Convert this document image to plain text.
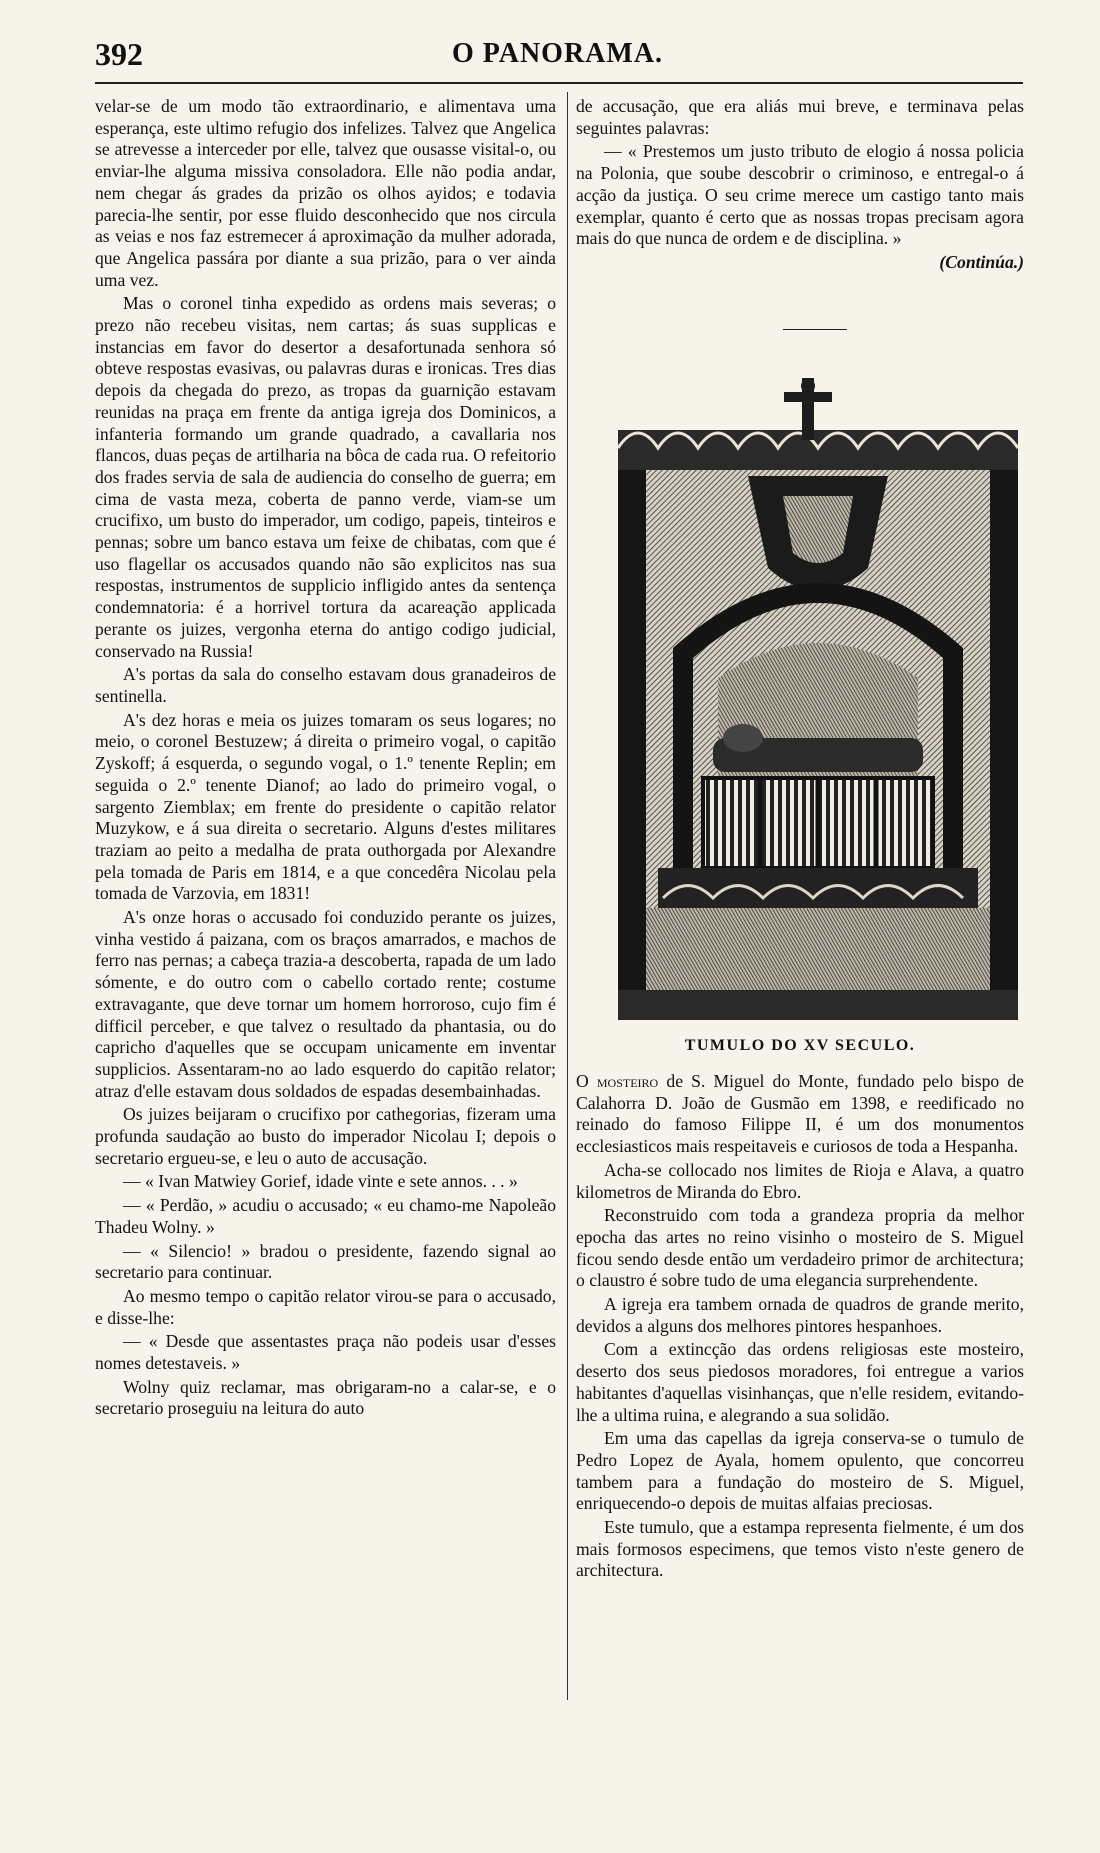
392	O PANORAMA.

velar-se de um modo tão extraordinario, e alimentava uma esperança, este ultimo refugio dos infelizes. Talvez que Angelica se atrevesse a interceder por elle, talvez que ousasse visital-o, ou enviar-lhe alguma missiva consoladora. Elle não podia andar, nem chegar ás grades da prizão os olhos ayidos; e todavia parecia-lhe sentir, por esse fluido desconhecido que nos circula as veias e nos faz estremecer á aproximação da mulher adorada, que Angelica passára por diante a sua prizão, para o ver ainda uma vez.

Mas o coronel tinha expedido as ordens mais severas; o prezo não recebeu visitas, nem cartas; ás suas supplicas e instancias em favor do desertor a desafortunada senhora só obteve respostas evasivas, ou palavras duras e ironicas. Tres dias depois da chegada do prezo, as tropas da guarnição estavam reunidas na praça em frente da antiga igreja dos Dominicos, a infanteria formando um grande quadrado, a cavallaria nos flancos, duas peças de artilharia na bôca de cada rua. O refeitorio dos frades servia de sala de audiencia do conselho de guerra; em cima de vasta meza, coberta de panno verde, viam-se um crucifixo, um busto do imperador, um codigo, papeis, tinteiros e pennas; sobre um banco estava um feixe de chibatas, com que é uso flagellar os accusados quando não são explicitos nas sua respostas, instrumentos de supplicio infligido antes da sentença condemnatoria: é a horrivel tortura da acareação applicada perante os juizes, vergonha eterna do antigo codigo judicial, conservado na Russia!

A's portas da sala do conselho estavam dous granadeiros de sentinella.

A's dez horas e meia os juizes tomaram os seus logares; no meio, o coronel Bestuzew; á direita o primeiro vogal, o capitão Zyskoff; á esquerda, o segundo vogal, o 1.º tenente Replin; em seguida o 2.º tenente Dianof; ao lado do primeiro vogal, o sargento Ziemblax; em frente do presidente o capitão relator Muzykow, e á sua direita o secretario. Alguns d'estes militares traziam ao peito a medalha de prata outhorgada por Alexandre pela tomada de Paris em 1814, e a que concedêra Nicolau pela tomada de Varzovia, em 1831!

A's onze horas o accusado foi conduzido perante os juizes, vinha vestido á paizana, com os braços amarrados, e machos de ferro nas pernas; a cabeça trazia-a descoberta, rapada de um lado sómente, e do outro com o cabello cortado rente; costume extravagante, que deve tornar um homem horroroso, cujo fim é difficil perceber, e que talvez o resultado da phantasia, ou do capricho d'aquelles que se occupam unicamente em inventar supplicios. Assentaram-no ao lado esquerdo do capitão relator; atraz d'elle estavam dous soldados de espadas desembainhadas.

Os juizes beijaram o crucifixo por cathegorias, fizeram uma profunda saudação ao busto do imperador Nicolau I; depois o secretario ergueu-se, e leu o auto de accusação.

— « Ivan Matwiey Gorief, idade vinte e sete annos. . . »

— « Perdão, » acudiu o accusado; « eu chamo-me Napoleão Thadeu Wolny. »

— « Silencio! » bradou o presidente, fazendo signal ao secretario para continuar.

Ao mesmo tempo o capitão relator virou-se para o accusado, e disse-lhe:

— « Desde que assentastes praça não podeis usar d'esses nomes detestaveis. »

Wolny quiz reclamar, mas obrigaram-no a calar-se, e o secretario proseguiu na leitura do auto

de accusação, que era aliás mui breve, e terminava pelas seguintes palavras:

— « Prestemos um justo tributo de elogio á nossa policia na Polonia, que soube descobrir o criminoso, e entregal-o á acção da justiça. O seu crime merece um castigo tanto mais exemplar, quanto é certo que as nossas tropas precisam agora mais do que nunca de ordem e de disciplina. »

(Continúa.)

TUMULO DO XV SECULO.

O mosteiro de S. Miguel do Monte, fundado pelo bispo de Calahorra D. João de Gusmão em 1398, e reedificado no reinado do famoso Filippe II, é um dos monumentos ecclesiasticos mais respeitaveis e curiosos de toda a Hespanha.

Acha-se collocado nos limites de Rioja e Alava, a quatro kilometros de Miranda do Ebro.

Reconstruido com toda a grandeza propria da melhor epocha das artes no reino visinho o mosteiro de S. Miguel ficou sendo desde então um verdadeiro primor de architectura; o claustro é sobre tudo de uma elegancia surprehendente.

A igreja era tambem ornada de quadros de grande merito, devidos a alguns dos melhores pintores hespanhoes.

Com a extincção das ordens religiosas este mosteiro, deserto dos seus piedosos moradores, foi entregue a varios habitantes d'aquellas visinhanças, que n'elle residem, evitando-lhe a ultima ruina, e alegrando a sua solidão.

Em uma das capellas da igreja conserva-se o tumulo de Pedro Lopez de Ayala, homem opulento, que concorreu tambem para a fundação do mosteiro de S. Miguel, enriquecendo-o depois de muitas alfaias preciosas.

Este tumulo, que a estampa representa fielmente, é um dos mais formosos especimens, que temos visto n'este genero de architectura.
